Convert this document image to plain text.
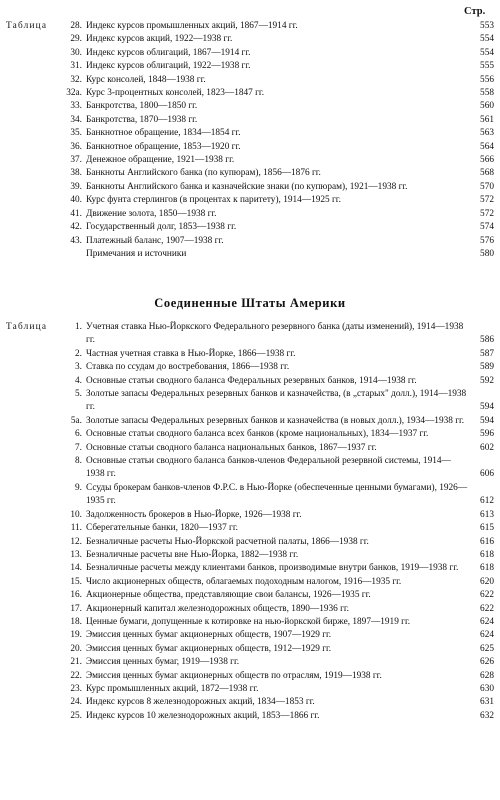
Стр.
Таблица	28. Индекс курсов промышленных акций, 1867—1914 гг.	553
29. Индекс курсов акций, 1922—1938 гг.	554
30. Индекс курсов облигаций, 1867—1914 гг.	554
31. Индекс курсов облигаций, 1922—1938 гг.	555
32. Курс консолей, 1848—1938 гг.	556
32a. Курс 3-процентных консолей, 1823—1847 гг.	558
33. Банкротства, 1800—1850 гг.	560
34. Банкротства, 1870—1938 гг.	561
35. Банкнотное обращение, 1834—1854 гг.	563
36. Банкнотное обращение, 1853—1920 гг.	564
37. Денежное обращение, 1921—1938 гг.	566
38. Банкноты Английского банка (по купюрам), 1856—1876 гг.	568
39. Банкноты Английского банка и казначейские знаки (по купюрам), 1921—1938 гг.	570
40. Курс фунта стерлингов (в процентах к паритету), 1914—1925 гг.	572
41. Движение золота, 1850—1938 гг.	572
42. Государственный долг, 1853—1938 гг.	574
43. Платежный баланс, 1907—1938 гг.	576
Примечания и источники	580
Соединенные Штаты Америки
Таблица	1. Учетная ставка Нью-Йоркского Федерального резервного банка (даты изменений), 1914—1938 гг.	586
2. Частная учетная ставка в Нью-Йорке, 1866—1938 гг.	587
3. Ставка по ссудам до востребования, 1866—1938 гг.	589
4. Основные статьи сводного баланса Федеральных резервных банков, 1914—1938 гг.	592
5. Золотые запасы Федеральных резервных банков и казначейства, (в „старых" долл.), 1914—1938 гг.	594
5a. Золотые запасы Федеральных резервных банков и казначейства (в новых долл.), 1934—1938 гг.	594
6. Основные статьи сводного баланса всех банков (кроме национальных), 1834—1937 гг.	596
7. Основные статьи сводного баланса национальных банков, 1867—1937 гг.	602
8. Основные статьи сводного баланса банков-членов Федеральной резервной системы, 1914—1938 гг.	606
9. Ссуды брокерам банков-членов Ф.Р.С. в Нью-Йорке (обеспеченные ценными бумагами), 1926—1935 гг.	612
10. Задолженность брокеров в Нью-Йорке, 1926—1938 гг.	613
11. Сберегательные банки, 1820—1937 гг.	615
12. Безналичные расчеты Нью-Йоркской расчетной палаты, 1866—1938 гг.	616
13. Безналичные расчеты вне Нью-Йорка, 1882—1938 гг.	618
14. Безналичные расчеты между клиентами банков, производимые внутри банков, 1919—1938 гг.	618
15. Число акционерных обществ, облагаемых подоходным налогом, 1916—1935 гг.	620
16. Акционерные общества, представляющие свои балансы, 1926—1935 гг.	622
17. Акционерный капитал железнодорожных обществ, 1890—1936 гг.	622
18. Ценные бумаги, допущенные к котировке на нью-йоркской бирже, 1897—1919 гг.	624
19. Эмиссия ценных бумаг акционерных обществ, 1907—1929 гг.	624
20. Эмиссия ценных бумаг акционерных обществ, 1912—1929 гг.	625
21. Эмиссия ценных бумаг, 1919—1938 гг.	626
22. Эмиссия ценных бумаг акционерных обществ по отраслям, 1919—1938 гг.	628
23. Курс промышленных акций, 1872—1938 гг.	630
24. Индекс курсов 8 железнодорожных акций, 1834—1853 гг.	631
25. Индекс курсов 10 железнодорожных акций, 1853—1866 гг.	632
